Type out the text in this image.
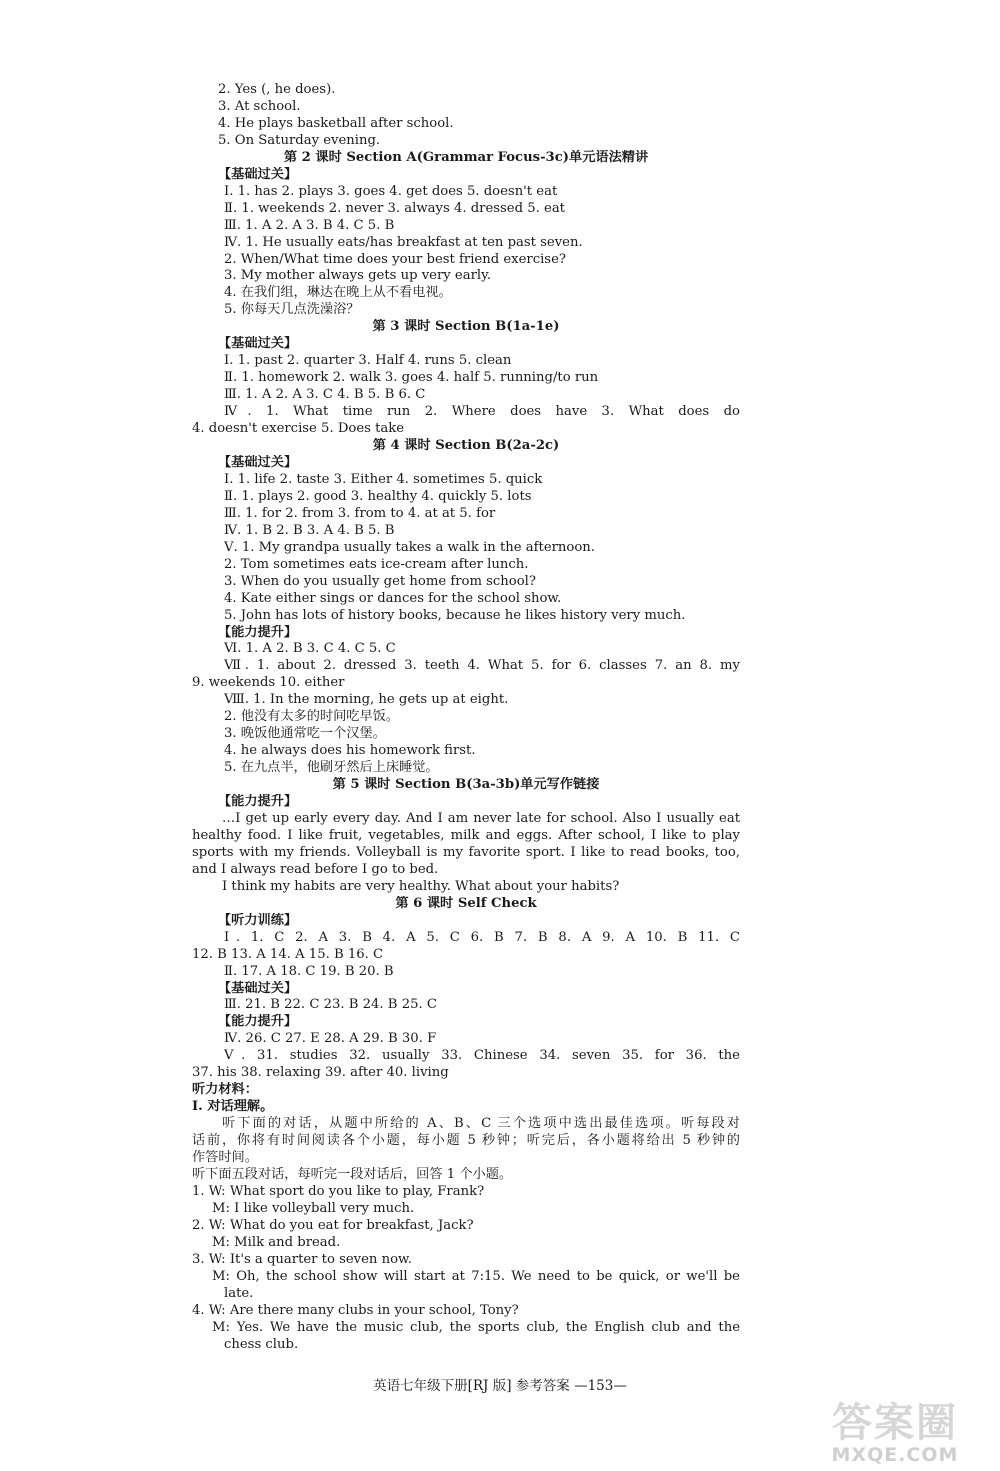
2. Yes (, he does).
3. At school.
4. He plays basketball after school.
5. On Saturday evening.
第 2 课时 Section A(Grammar Focus-3c)单元语法精讲
【基础过关】
Ⅰ. 1. has 2. plays 3. goes 4. get does 5. doesn't eat
Ⅱ. 1. weekends 2. never 3. always 4. dressed 5. eat
Ⅲ. 1. A 2. A 3. B 4. C 5. B
Ⅳ. 1. He usually eats/has breakfast at ten past seven.
2. When/What time does your best friend exercise?
3. My mother always gets up very early.
4. 在我们组，琳达在晚上从不看电视。
5. 你每天几点洗澡浴？
第 3 课时 Section B(1a-1e)
【基础过关】
Ⅰ. 1. past 2. quarter 3. Half 4. runs 5. clean
Ⅱ. 1. homework 2. walk 3. goes 4. half 5. running/to run
Ⅲ. 1. A 2. A 3. C 4. B 5. B 6. C
Ⅳ. 1. What time run 2. Where does have 3. What does do
4. doesn't exercise 5. Does take
第 4 课时 Section B(2a-2c)
【基础过关】
Ⅰ. 1. life 2. taste 3. Either 4. sometimes 5. quick
Ⅱ. 1. plays 2. good 3. healthy 4. quickly 5. lots
Ⅲ. 1. for 2. from 3. from to 4. at at 5. for
Ⅳ. 1. B 2. B 3. A 4. B 5. B
Ⅴ. 1. My grandpa usually takes a walk in the afternoon.
2. Tom sometimes eats ice-cream after lunch.
3. When do you usually get home from school?
4. Kate either sings or dances for the school show.
5. John has lots of history books, because he likes history very much.
【能力提升】
Ⅵ. 1. A 2. B 3. C 4. C 5. C
Ⅶ. 1. about 2. dressed 3. teeth 4. What 5. for 6. classes 7. an 8. my
9. weekends 10. either
Ⅷ. 1. In the morning, he gets up at eight.
2. 他没有太多的时间吃早饭。
3. 晚饭他通常吃一个汉堡。
4. he always does his homework first.
5. 在九点半，他刷牙然后上床睡觉。
第 5 课时 Section B(3a-3b)单元写作链接
【能力提升】
…I get up early every day. And I am never late for school. Also I usually eat
healthy food. I like fruit, vegetables, milk and eggs. After school, I like to play
sports with my friends. Volleyball is my favorite sport. I like to read books, too,
and I always read before I go to bed.
I think my habits are very healthy. What about your habits?
第 6 课时 Self Check
【听力训练】
Ⅰ. 1. C 2. A 3. B 4. A 5. C 6. B 7. B 8. A 9. A 10. B 11. C
12. B 13. A 14. A 15. B 16. C
Ⅱ. 17. A 18. C 19. B 20. B
【基础过关】
Ⅲ. 21. B 22. C 23. B 24. B 25. C
【能力提升】
Ⅳ. 26. C 27. E 28. A 29. B 30. F
Ⅴ. 31. studies 32. usually 33. Chinese 34. seven 35. for 36. the
37. his 38. relaxing 39. after 40. living
听力材料：
Ⅰ. 对话理解。
听下面的对话，从题中所给的 A、B、C 三个选项中选出最佳选项。听每段对
话前，你将有时间阅读各个小题，每小题 5 秒钟；听完后，各小题将给出 5 秒钟的
作答时间。
听下面五段对话，每听完一段对话后，回答 1 个小题。
1. W: What sport do you like to play, Frank?
M: I like volleyball very much.
2. W: What do you eat for breakfast, Jack?
M: Milk and bread.
3. W: It's a quarter to seven now.
M: Oh, the school show will start at 7:15. We need to be quick, or we'll be
late.
4. W: Are there many clubs in your school, Tony?
M: Yes. We have the music club, the sports club, the English club and the
chess club.
英语七年级下册[RJ 版] 参考答案 —153—
答案圈
MXQE.COM
